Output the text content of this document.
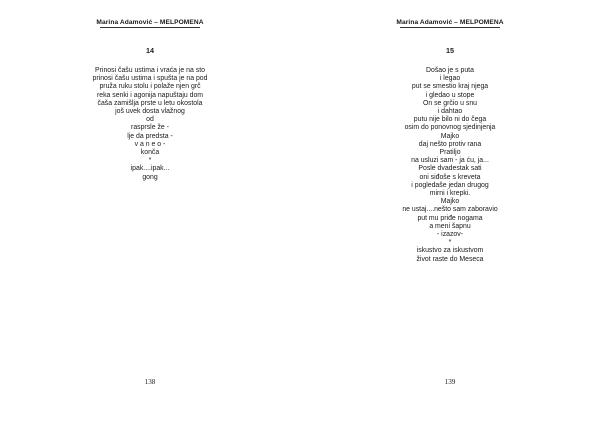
Marina Adamović – MELPOMENA
14
Prinosi čašu ustima i vraća je na sto
prinosi čašu ustima i spušta je na pod
pruža ruku stolu i polaže njen grč
reka senki i agonija napuštaju dom
čaša zamišlja prste u letu okostola
još uvek dosta vlažnog
od
rasprsle že -
lje da predsta -
v a n e o -
konča
*
ipak....ipak...
gong
138
Marina Adamović – MELPOMENA
15
Došao je s puta
i legao
put se smestio kraj njega
i gledao u stope
On se grčio u snu
i dahtao
putu nije bilo ni do čega
osim do ponovnog sjedinjenja
Majko
daj nešto protiv rana
Pratiljo
na usluzi sam - ja ću, ja...
Posle dvadestak sati
oni siđoše s kreveta
i pogledaše jedan drugog
mirni i krepki.
Majko
ne ustaj....nešto sam zaboravio
put mu priđe nogama
a meni šapnu
- izazov-
*
iskustvo za iskustvom
život raste do Meseca
139
